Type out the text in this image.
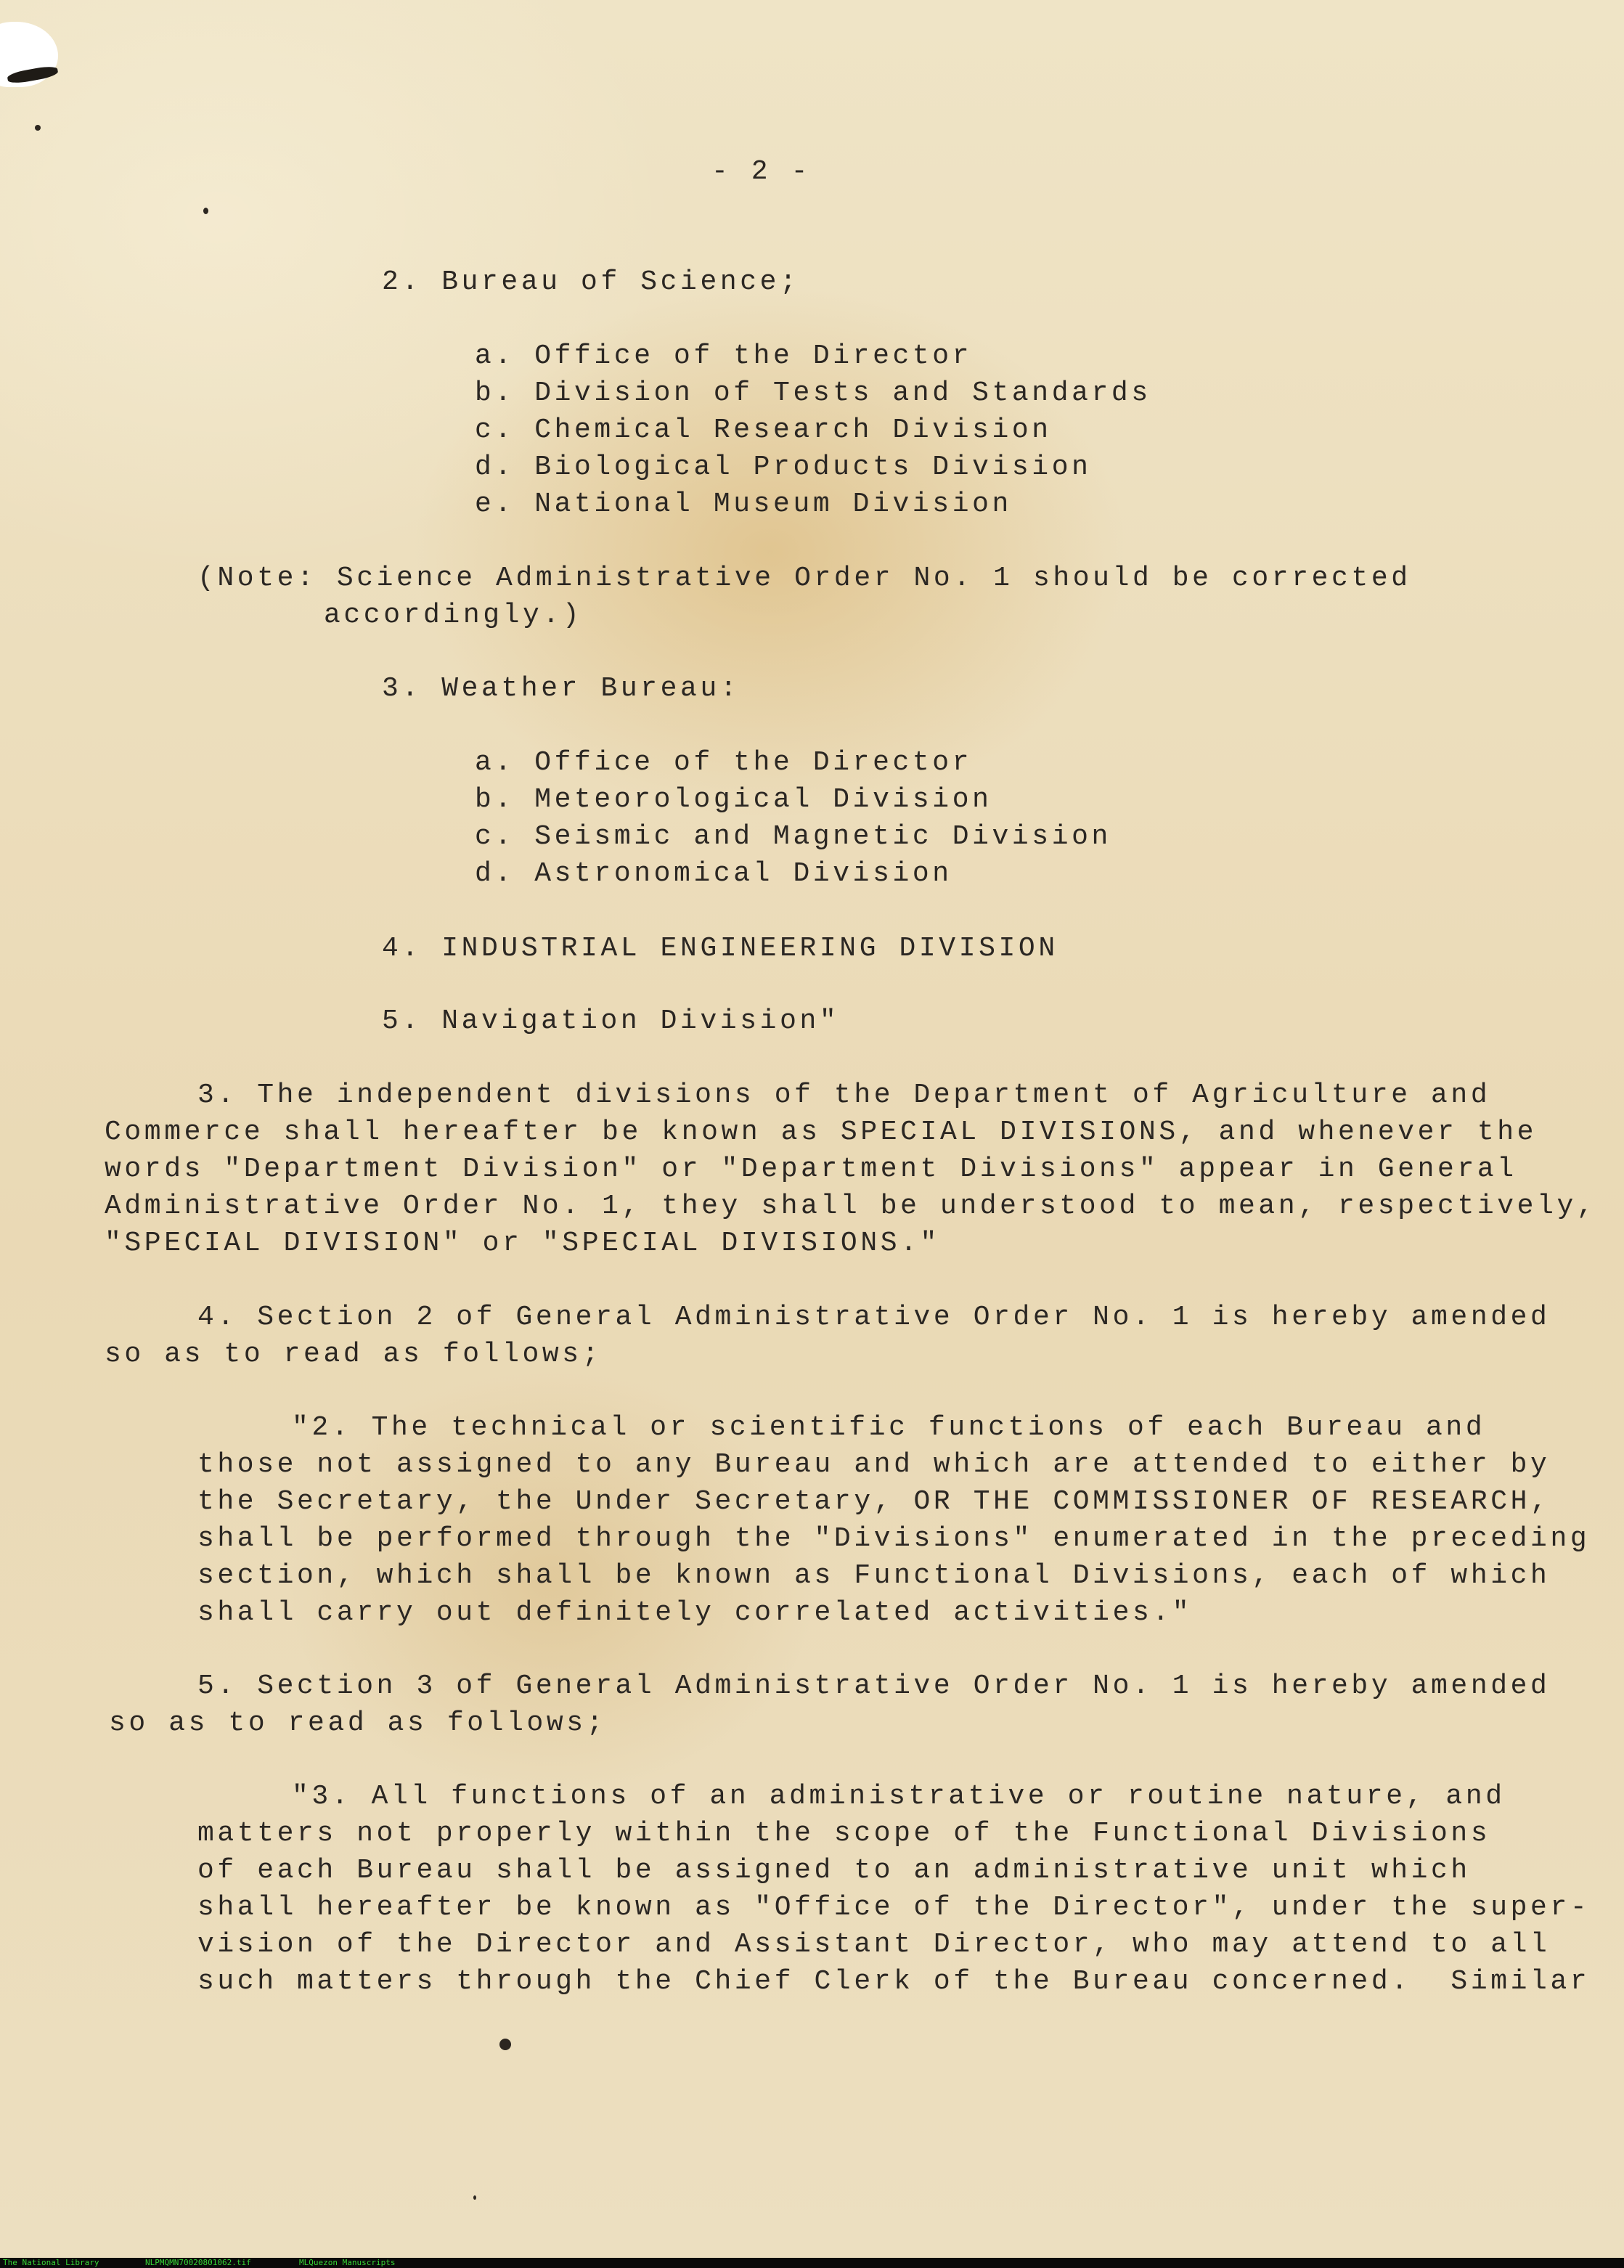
- 2 -
2. Bureau of Science;
a. Office of the Director
b. Division of Tests and Standards
c. Chemical Research Division
d. Biological Products Division
e. National Museum Division
(Note: Science Administrative Order No. 1 should be corrected
accordingly.)
3. Weather Bureau:
a. Office of the Director
b. Meteorological Division
c. Seismic and Magnetic Division
d. Astronomical Division
4. INDUSTRIAL ENGINEERING DIVISION
5. Navigation Division"
3. The independent divisions of the Department of Agriculture and
Commerce shall hereafter be known as SPECIAL DIVISIONS, and whenever the
words "Department Division" or "Department Divisions" appear in General
Administrative Order No. 1, they shall be understood to mean, respectively,
"SPECIAL DIVISION" or "SPECIAL DIVISIONS."
4. Section 2 of General Administrative Order No. 1 is hereby amended
so as to read as follows;
"2. The technical or scientific functions of each Bureau and
those not assigned to any Bureau and which are attended to either by
the Secretary, the Under Secretary, OR THE COMMISSIONER OF RESEARCH,
shall be performed through the "Divisions" enumerated in the preceding
section, which shall be known as Functional Divisions, each of which
shall carry out definitely correlated activities."
5. Section 3 of General Administrative Order No. 1 is hereby amended
so as to read as follows;
"3. All functions of an administrative or routine nature, and
matters not properly within the scope of the Functional Divisions
of each Bureau shall be assigned to an administrative unit which
shall hereafter be known as "Office of the Director", under the super-
vision of the Director and Assistant Director, who may attend to all
such matters through the Chief Clerk of the Bureau concerned.  Similar
The National Library	NLPMQMN70020801062.tif	MLQuezon Manuscripts
